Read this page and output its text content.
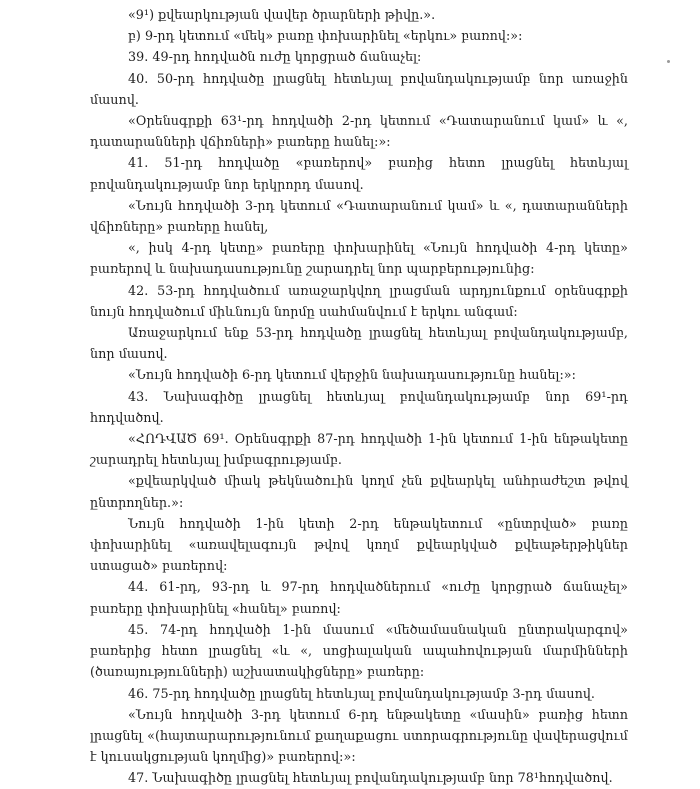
«9¹) քվեարկության վավեր ծրարների թիվը.».

բ) 9-րդ կետում «մեկ» բառը փոխարինել «երկու» բառով:»:

39. 49-րդ հոդվածն ուժը կորցրած ճանաչել:

40. 50-րդ հոդվածը լրացնել հետևյալ բովանդակությամբ նոր առաջին մասով.

«Օրենսգրքի 63¹-րդ հոդվածի 2-րդ կետում «Դատարանում կամ» և «, դատարանների վճիռների» բառերը հանել:»:

41. 51-րդ հոդվածը «բառերով» բառից հետո լրացնել հետևյալ բովանդակությամբ նոր երկրորդ մասով.

«Նույն հոդվածի 3-րդ կետում «Դատարանում կամ» և «, դատարանների վճիռները» բառերը հանել,

«, իսկ 4-րդ կետը» բառերը փոխարինել «Նույն հոդվածի 4-րդ կետը» բառերով և նախադասությունը շարադրել նոր պարբերությունից:

42. 53-րդ հոդվածում առաջարկվող լրացման արդյունքում օրենսգրքի նույն հոդվածում միևնույն նորմը սահմանվում է երկու անգամ:

Առաջարկում ենք 53-րդ հոդվածը լրացնել հետևյալ բովանդակությամբ, նոր մասով.

«Նույն հոդվածի 6-րդ կետում վերջին նախադասությունը հանել:»:

43. Նախագիծը լրացնել հետևյալ բովանդակությամբ նոր 69¹-րդ հոդվածով.

«ՀՈԴՎԱԾ 69¹. Օրենսգրքի 87-րդ հոդվածի 1-ին կետում 1-ին ենթակետը շարադրել հետևյալ խմբագրությամբ.

«քվեարկված միակ թեկնածուին կողմ չեն քվեարկել անհրաժեշտ թվով ընտրողներ.»:

Նույն հոդվածի 1-ին կետի 2-րդ ենթակետում «ընտրված» բառը փոխարինել «առավելագույն թվով կողմ քվեարկված քվեաթերթիկներ ստացած» բառերով:

44. 61-րդ, 93-րդ և 97-րդ հոդվածներում «ուժը կորցրած ճանաչել» բառերը փոխարինել «հանել» բառով:

45. 74-րդ հոդվածի 1-ին մասում «մեծամասնական ընտրակարգով» բառերից հետո լրացնել «և «, սոցիալական ապահովության մարմինների (ծառայությունների) աշխատակիցները» բառերը:

46. 75-րդ հոդվածը լրացնել հետևյալ բովանդակությամբ 3-րդ մասով.

«Նույն հոդվածի 3-րդ կետում 6-րդ ենթակետը «մասին» բառից հետո լրացնել «(հայտարարությունում քաղաքացու ստորագրությունը վավերացվում է կուսակցության կողմից)» բառերով:»:

47. Նախագիծը լրացնել հետևյալ բովանդակությամբ նոր 78¹հոդվածով.
